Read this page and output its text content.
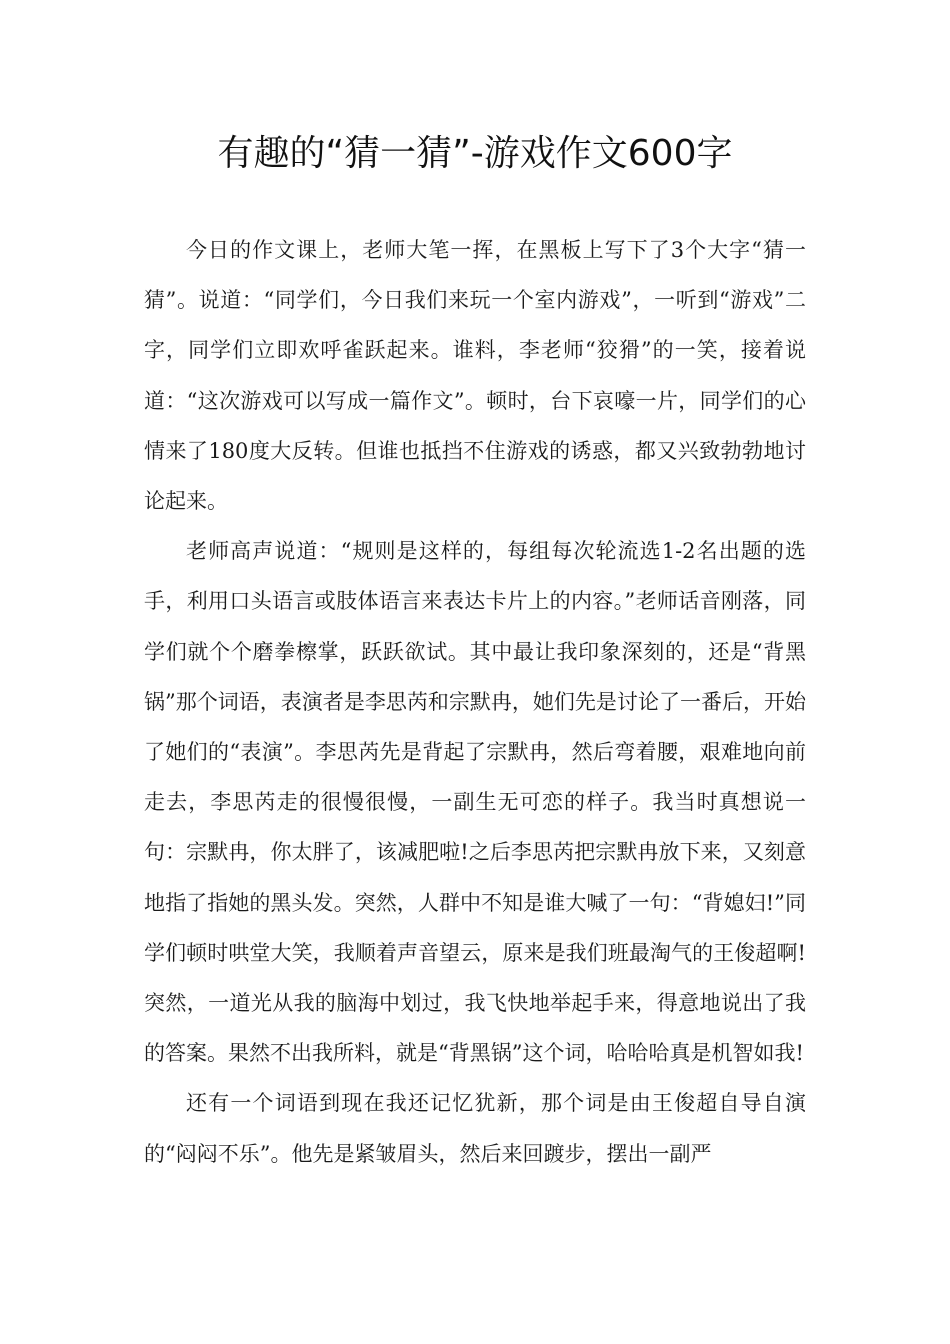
有趣的“猜一猜”-游戏作文600字

今日的作文课上，老师大笔一挥，在黑板上写下了3个大字“猜一猜”。说道：“同学们，今日我们来玩一个室内游戏”，一听到“游戏”二字，同学们立即欢呼雀跃起来。谁料，李老师“狡猾”的一笑，接着说道：“这次游戏可以写成一篇作文”。顿时，台下哀嚎一片，同学们的心情来了180度大反转。但谁也抵挡不住游戏的诱惑，都又兴致勃勃地讨论起来。

老师高声说道：“规则是这样的，每组每次轮流选1-2名出题的选手，利用口头语言或肢体语言来表达卡片上的内容。”老师话音刚落，同学们就个个磨拳檫掌，跃跃欲试。其中最让我印象深刻的，还是“背黑锅”那个词语，表演者是李思芮和宗默冉，她们先是讨论了一番后，开始了她们的“表演”。李思芮先是背起了宗默冉，然后弯着腰，艰难地向前走去，李思芮走的很慢很慢，一副生无可恋的样子。我当时真想说一句：宗默冉，你太胖了，该减肥啦!之后李思芮把宗默冉放下来，又刻意地指了指她的黑头发。突然，人群中不知是谁大喊了一句：“背媳妇!”同学们顿时哄堂大笑，我顺着声音望云，原来是我们班最淘气的王俊超啊!突然，一道光从我的脑海中划过，我飞快地举起手来，得意地说出了我的答案。果然不出我所料，就是“背黑锅”这个词，哈哈哈真是机智如我!

还有一个词语到现在我还记忆犹新，那个词是由王俊超自导自演的“闷闷不乐”。他先是紧皱眉头，然后来回踱步，摆出一副严
